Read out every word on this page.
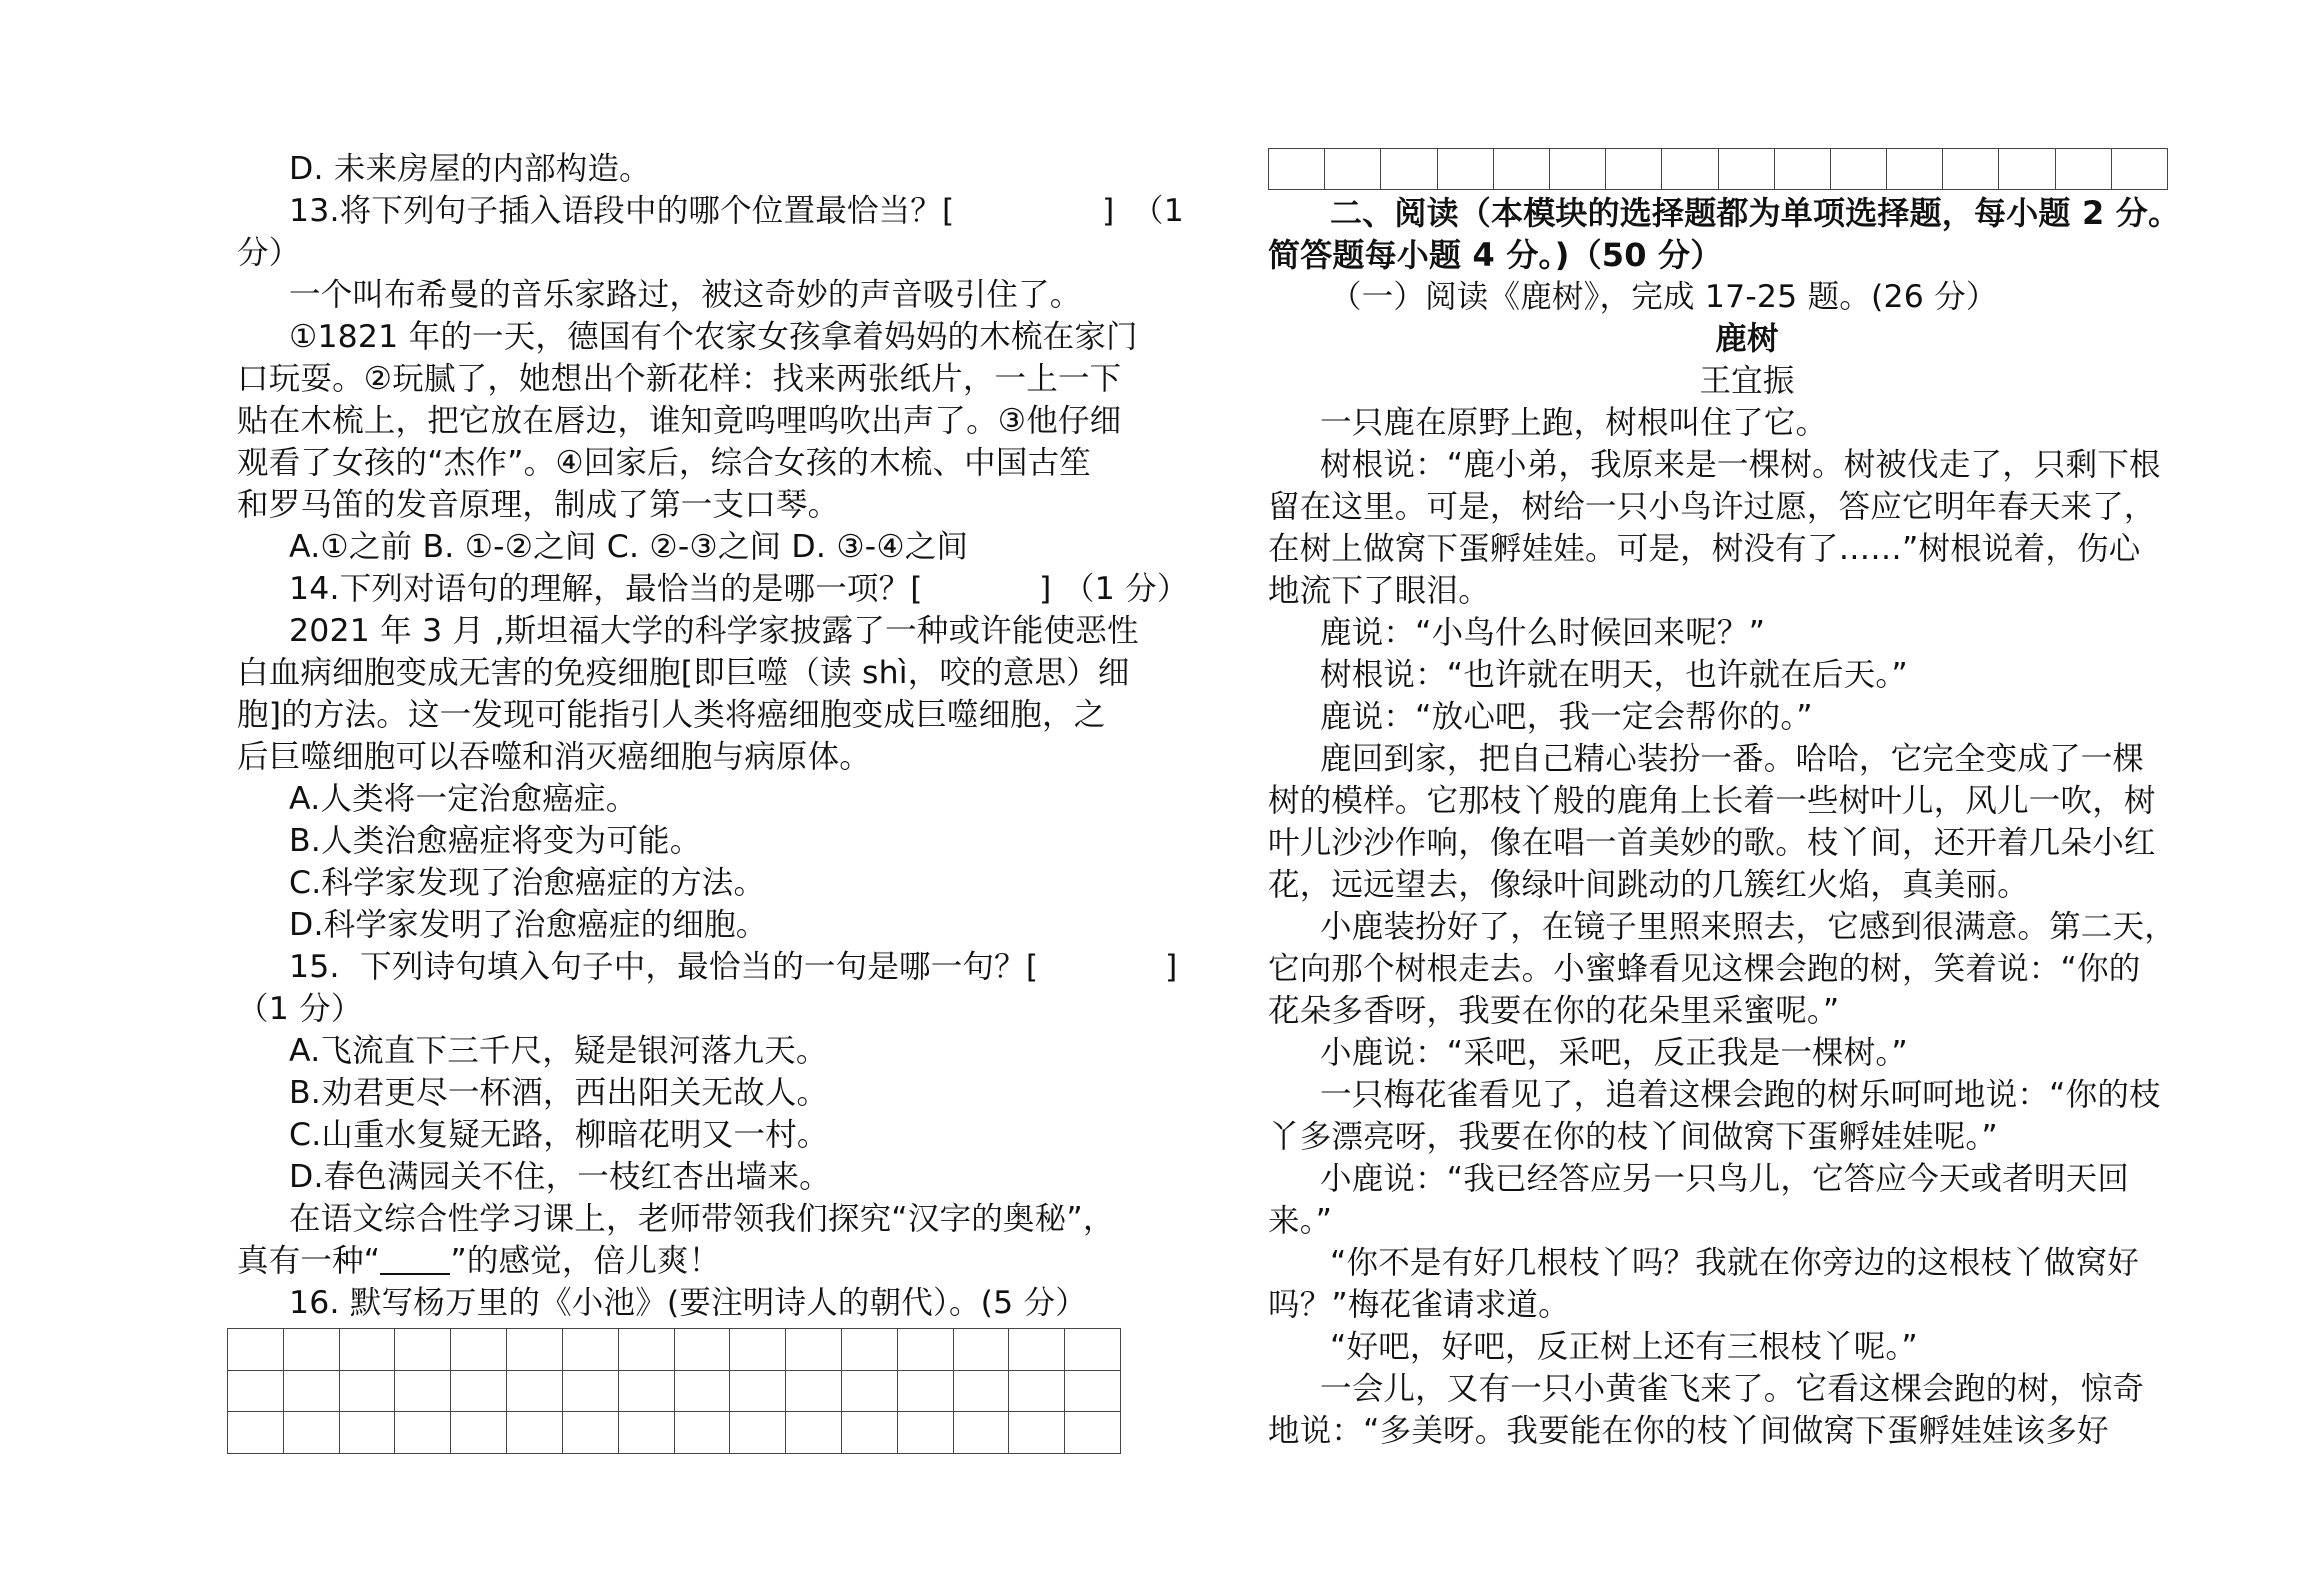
D. 未来房屋的内部构造。
13.将下列句子插入语段中的哪个位置最恰当？[	] （1
分）
一个叫布希曼的音乐家路过，被这奇妙的声音吸引住了。
①1821 年的一天，德国有个农家女孩拿着妈妈的木梳在家门
口玩耍。②玩腻了，她想出个新花样：找来两张纸片，一上一下
贴在木梳上，把它放在唇边，谁知竟呜哩呜吹出声了。③他仔细
观看了女孩的“杰作”。④回家后，综合女孩的木梳、中国古笙
和罗马笛的发音原理，制成了第一支口琴。
A.①之前 B. ①-②之间 C. ②-③之间 D. ③-④之间
14.下列对语句的理解，最恰当的是哪一项？[	] （1 分）
2021 年 3 月 ,斯坦福大学的科学家披露了一种或许能使恶性
白血病细胞变成无害的免疫细胞[即巨噬（读 shì，咬的意思）细
胞]的方法。这一发现可能指引人类将癌细胞变成巨噬细胞，之
后巨噬细胞可以吞噬和消灭癌细胞与病原体。
A.人类将一定治愈癌症。
B.人类治愈癌症将变为可能。
C.科学家发现了治愈癌症的方法。
D.科学家发明了治愈癌症的细胞。
15.  下列诗句填入句子中，最恰当的一句是哪一句？[	]
（1 分）
A.飞流直下三千尺，疑是银河落九天。
B.劝君更尽一杯酒，西出阳关无故人。
C.山重水复疑无路，柳暗花明又一村。
D.春色满园关不住，一枝红杏出墙来。
在语文综合性学习课上，老师带领我们探究“汉字的奥秘”，
真有一种“ ”的感觉，倍儿爽！
16. 默写杨万里的《小池》(要注明诗人的朝代）。(5 分）

二、阅读（本模块的选择题都为单项选择题，每小题 2 分。
简答题每小题 4 分。)（50 分）
（一）阅读《鹿树》，完成 17-25 题。(26 分）
鹿树
王宜振
一只鹿在原野上跑，树根叫住了它。
树根说：“鹿小弟，我原来是一棵树。树被伐走了，只剩下根
留在这里。可是，树给一只小鸟许过愿，答应它明年春天来了，
在树上做窝下蛋孵娃娃。可是，树没有了……”树根说着，伤心
地流下了眼泪。
鹿说：“小鸟什么时候回来呢？”
树根说：“也许就在明天，也许就在后天。”
鹿说：“放心吧，我一定会帮你的。”
鹿回到家，把自己精心装扮一番。哈哈，它完全变成了一棵
树的模样。它那枝丫般的鹿角上长着一些树叶儿，风儿一吹，树
叶儿沙沙作响，像在唱一首美妙的歌。枝丫间，还开着几朵小红
花，远远望去，像绿叶间跳动的几簇红火焰，真美丽。
小鹿装扮好了，在镜子里照来照去，它感到很满意。第二天，
它向那个树根走去。小蜜蜂看见这棵会跑的树，笑着说：“你的
花朵多香呀，我要在你的花朵里采蜜呢。”
小鹿说：“采吧，采吧，反正我是一棵树。”
一只梅花雀看见了，追着这棵会跑的树乐呵呵地说：“你的枝
丫多漂亮呀，我要在你的枝丫间做窝下蛋孵娃娃呢。”
小鹿说：“我已经答应另一只鸟儿，它答应今天或者明天回
来。”
“你不是有好几根枝丫吗？我就在你旁边的这根枝丫做窝好
吗？”梅花雀请求道。
“好吧，好吧，反正树上还有三根枝丫呢。”
一会儿，又有一只小黄雀飞来了。它看这棵会跑的树，惊奇
地说：“多美呀。我要能在你的枝丫间做窝下蛋孵娃娃该多好
